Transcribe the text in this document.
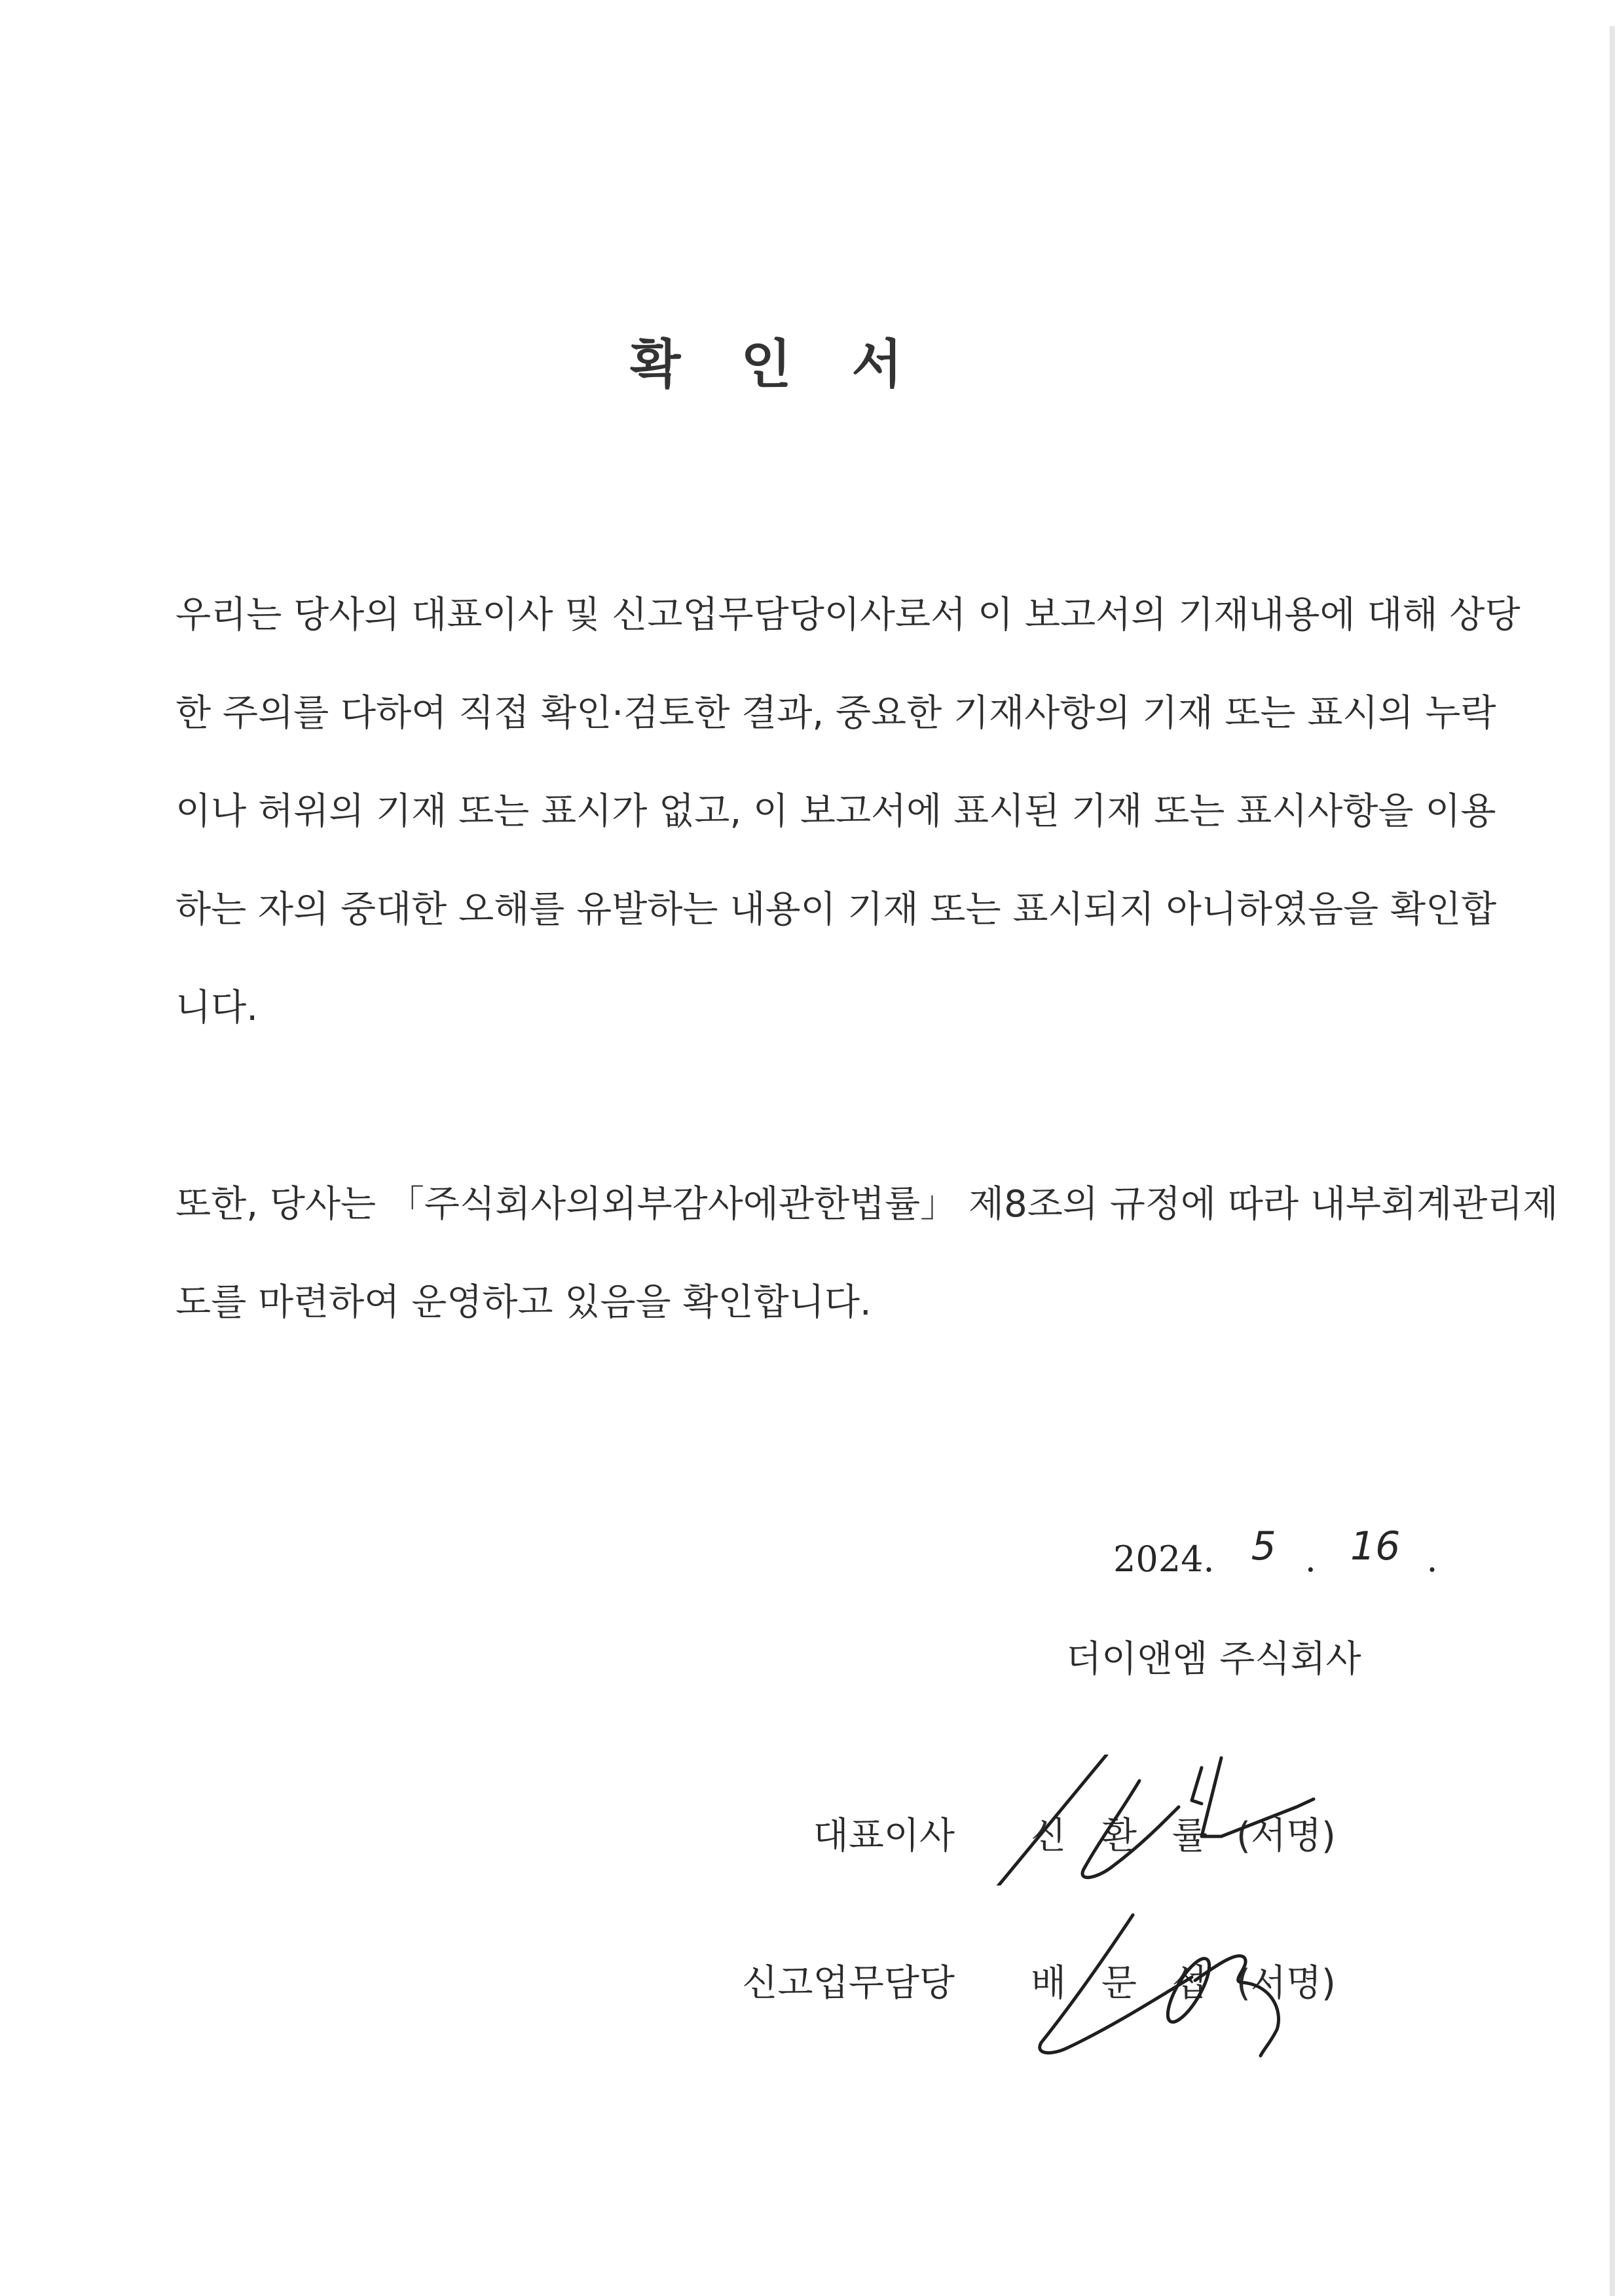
확 인 서
우리는 당사의 대표이사 및 신고업무담당이사로서 이 보고서의 기재내용에 대해 상당
한 주의를 다하여 직접 확인·검토한 결과, 중요한 기재사항의 기재 또는 표시의 누락
이나 허위의 기재 또는 표시가 없고, 이 보고서에 표시된 기재 또는 표시사항을 이용
하는 자의 중대한 오해를 유발하는 내용이 기재 또는 표시되지 아니하였음을 확인합
니다.
또한, 당사는 「주식회사의외부감사에관한법률」 제8조의 규정에 따라 내부회계관리제
도를 마련하여 운영하고 있음을 확인합니다.
2024. 5 . 16 .
더이앤엠 주식회사
대표이사 신 환 률 (서명)
신고업무담당 배 문 섭 (서명)
